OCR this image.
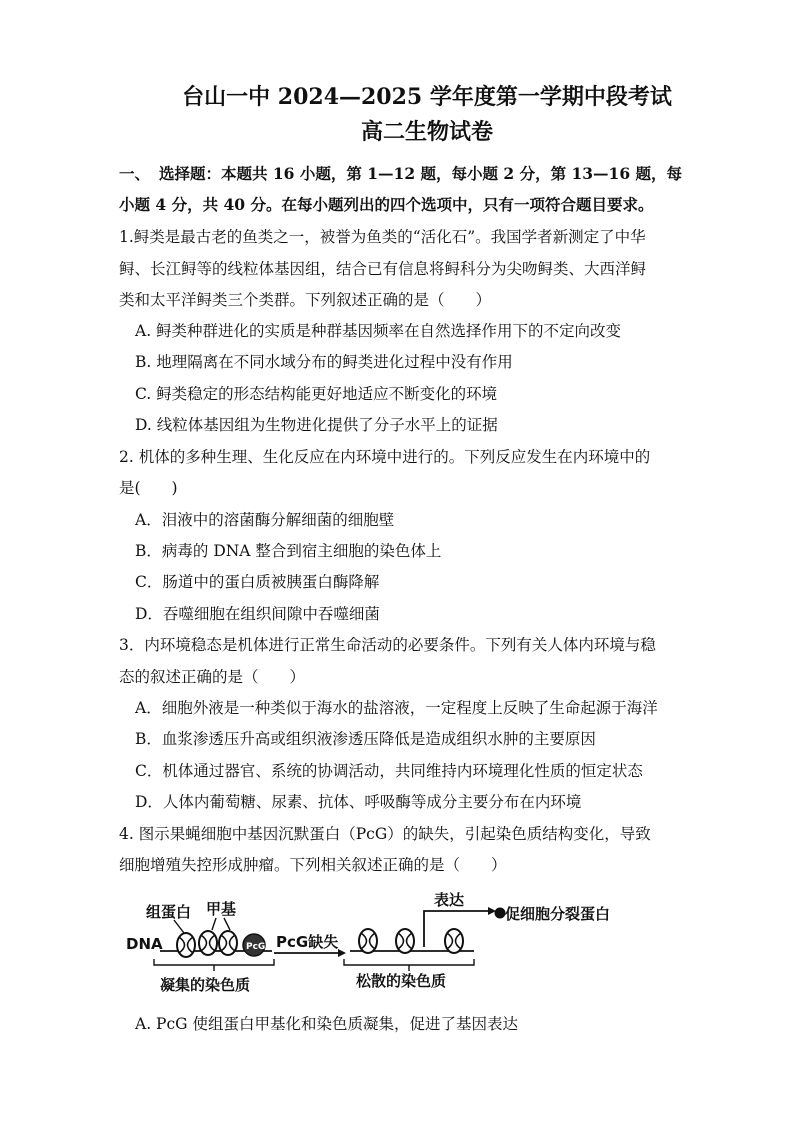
台山一中 2024—2025 学年度第一学期中段考试
高二生物试卷
一、 选择题：本题共 16 小题，第 1—12 题，每小题 2 分，第 13—16 题，每
小题 4 分，共 40 分。在每小题列出的四个选项中，只有一项符合题目要求。
1.鲟类是最古老的鱼类之一，被誉为鱼类的“活化石”。我国学者新测定了中华
鲟、长江鲟等的线粒体基因组，结合已有信息将鲟科分为尖吻鲟类、大西洋鲟
类和太平洋鲟类三个类群。下列叙述正确的是（　　）
A. 鲟类种群进化的实质是种群基因频率在自然选择作用下的不定向改变
B. 地理隔离在不同水域分布的鲟类进化过程中没有作用
C. 鲟类稳定的形态结构能更好地适应不断变化的环境
D. 线粒体基因组为生物进化提供了分子水平上的证据
2. 机体的多种生理、生化反应在内环境中进行的。下列反应发生在内环境中的
是(　　)
A．泪液中的溶菌酶分解细菌的细胞壁
B．病毒的 DNA 整合到宿主细胞的染色体上
C．肠道中的蛋白质被胰蛋白酶降解
D．吞噬细胞在组织间隙中吞噬细菌
3．内环境稳态是机体进行正常生命活动的必要条件。下列有关人体内环境与稳
态的叙述正确的是（　　）
A．细胞外液是一种类似于海水的盐溶液，一定程度上反映了生命起源于海洋
B．血浆渗透压升高或组织液渗透压降低是造成组织水肿的主要原因
C．机体通过器官、系统的协调活动，共同维持内环境理化性质的恒定状态
D．人体内葡萄糖、尿素、抗体、呼吸酶等成分主要分布在内环境
4. 图示果蝇细胞中基因沉默蛋白（PcG）的缺失，引起染色质结构变化，导致
细胞增殖失控形成肿瘤。下列相关叙述正确的是（　　）
组蛋白 甲基
DNA	PcG缺失
表达
促细胞分裂蛋白
凝集的染色质	松散的染色质
PcG
A. PcG 使组蛋白甲基化和染色质凝集，促进了基因表达
